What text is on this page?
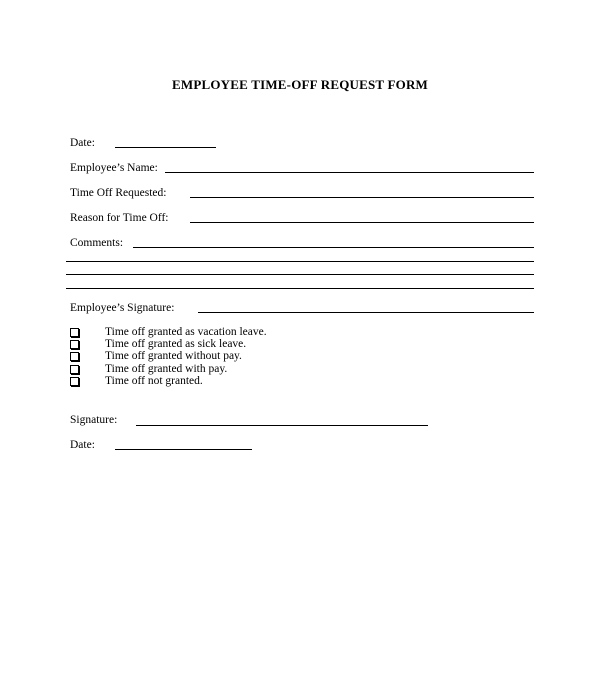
EMPLOYEE TIME-OFF REQUEST FORM
Date:
Employee’s Name:
Time Off Requested:
Reason for Time Off:
Comments:
Employee’s Signature:
Time off granted as vacation leave.
Time off granted as sick leave.
Time off granted without pay.
Time off granted with pay.
Time off not granted.
Signature:
Date:
